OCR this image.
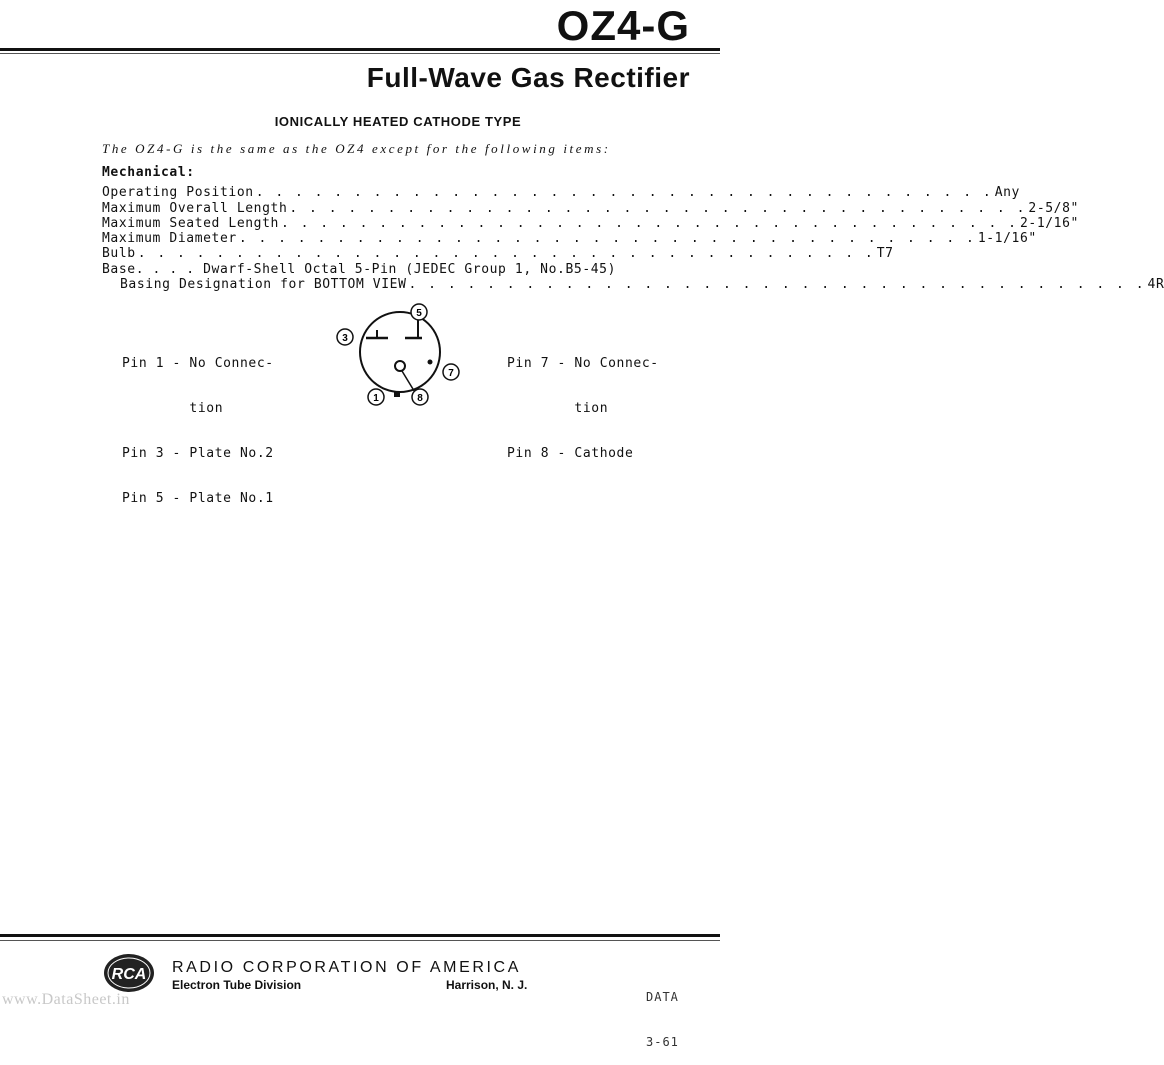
OZ4-G
Full-Wave Gas Rectifier
IONICALLY HEATED CATHODE TYPE
The OZ4-G is the same as the OZ4 except for the following items:
Mechanical:
Operating Position . . . . . . . . . . . . . . . . . . . . . . . . . . . . . . . . . . . . . . Any
Maximum Overall Length . . . . . . . . . . . . . . . . . . . . . . . . . . . . . . . . . . . . . . 2-5/8"
Maximum Seated Length . . . . . . . . . . . . . . . . . . . . . . . . . . . . . . . . . . . . . . 2-1/16"
Maximum Diameter . . . . . . . . . . . . . . . . . . . . . . . . . . . . . . . . . . . . . . 1-1/16"
Bulb . . . . . . . . . . . . . . . . . . . . . . . . . . . . . . . . . . . . . . T7
Base. . . . Dwarf-Shell Octal 5-Pin (JEDEC Group 1, No.B5-45)
Basing Designation for BOTTOM VIEW . . . . . . . . . . . . . . . . . . . . . . . . . . . . . . . . . . . . . . 4R

Pin 1 - No Connec-

tion

Pin 3 - Plate No.2

Pin 5 - Plate No.1

Pin 7 - No Connec-

tion

Pin 8 - Cathode

3
5
7
1	8
RCA RADIO CORPORATION OF AMERICA
Electron Tube Division	Harrison, N. J.

DATA

3-61

www.DataSheet.in
